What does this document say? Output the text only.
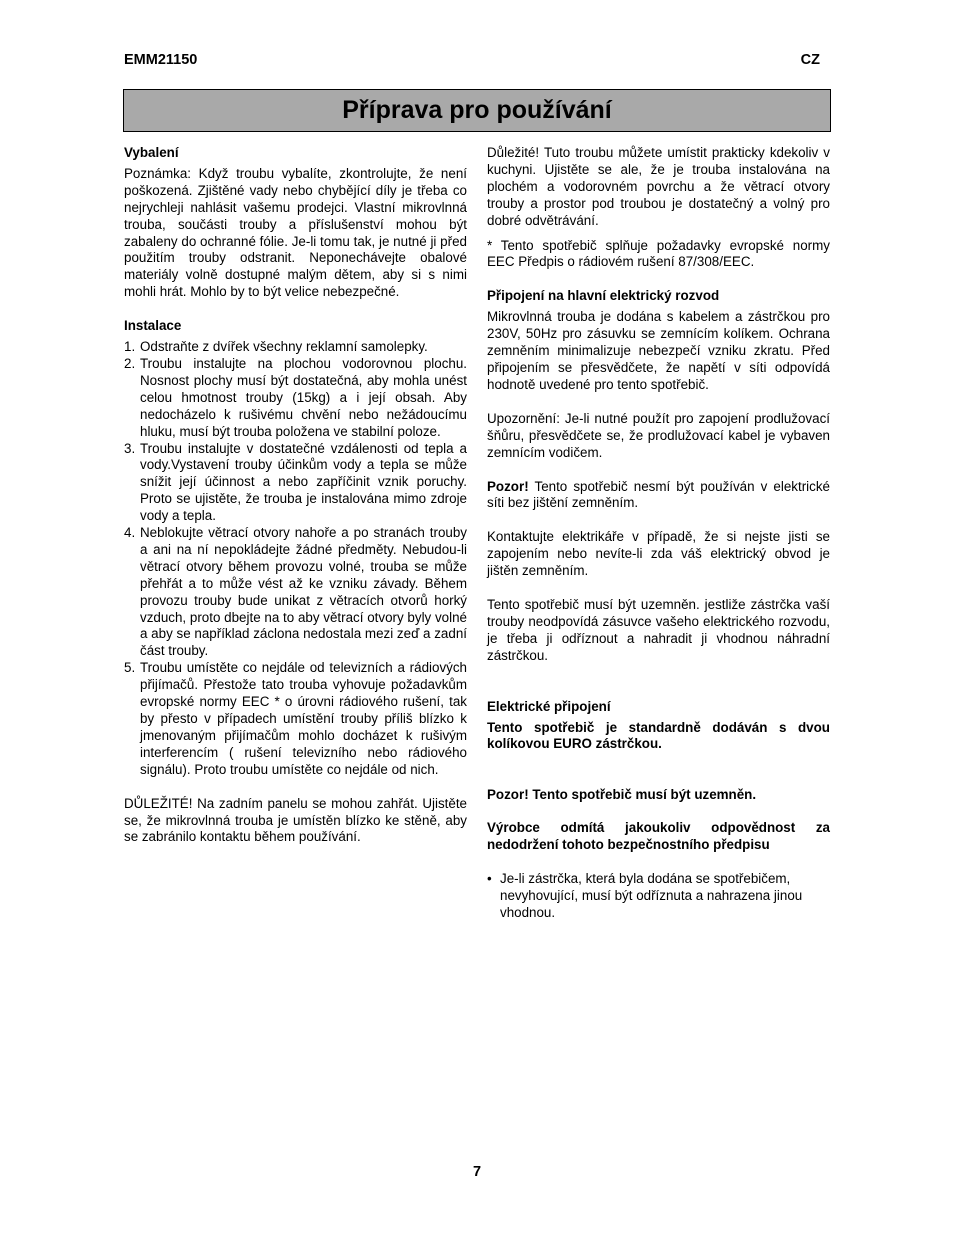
EMM21150	CZ
Příprava pro používání

Vybalení

Poznámka: Když troubu vybalíte, zkontrolujte, že není poškozená. Zjištěné vady nebo chybějící díly je třeba co nejrychleji nahlásit vašemu prodejci. Vlastní mikrovlnná trouba, součásti trouby a příslušenství mohou být zabaleny do ochranné fólie. Je-li tomu tak, je nutné ji před použitím trouby odstranit. Neponechávejte obalové materiály volně dostupné malým dětem, aby si s nimi mohli hrát. Mohlo by to být velice nebezpečné.

Instalace

1. Odstraňte z dvířek všechny reklamní samolepky.
2. Troubu instalujte na plochou vodorovnou plochu. Nosnost plochy musí být dostatečná, aby mohla unést celou hmotnost trouby (15kg) a i její obsah. Aby nedocházelo k rušivému chvění nebo nežádoucímu hluku, musí být trouba položena ve stabilní poloze.
3. Troubu instalujte v dostatečné vzdálenosti od tepla a vody.Vystavení trouby účinkům vody a tepla se může snížit její účinnost a nebo zapříčinit vznik poruchy. Proto se ujistěte, že trouba je instalována mimo zdroje vody a tepla.
4. Neblokujte větrací otvory nahoře a po stranách trouby a ani na ní nepokládejte žádné předměty. Nebudou-li větrací otvory během provozu volné, trouba se může přehřát a to může vést až ke vzniku závady. Během provozu trouby bude unikat z větracích otvorů horký vzduch, proto dbejte na to aby větrací otvory byly volné a aby se například záclona nedostala mezi zeď a zadní část trouby.
5. Troubu umístěte co nejdále od televizních a rádiových přijímačů. Přestože tato trouba vyhovuje požadavkům evropské normy EEC * o úrovni rádiového rušení, tak by přesto v případech umístění trouby příliš blízko k jmenovaným přijímačům mohlo docházet k rušivým interferencím ( rušení televizního nebo rádiového signálu). Proto troubu umístěte co nejdále od nich.

DŮLEŽITÉ! Na zadním panelu se mohou zahřát. Ujistěte se, že mikrovlnná trouba je umístěn blízko ke stěně, aby se zabránilo kontaktu během používání.

Důležité! Tuto troubu můžete umístit prakticky kdekoliv v kuchyni. Ujistěte se ale, že je trouba instalována na plochém a vodorovném povrchu a že větrací otvory trouby a prostor pod troubou je dostatečný a volný pro dobré odvětrávání.

* Tento spotřebič splňuje požadavky evropské normy EEC Předpis o rádiovém rušení 87/308/EEC.

Připojení na hlavní elektrický rozvod

Mikrovlnná trouba je dodána s kabelem a zástrčkou pro 230V, 50Hz pro zásuvku se zemnícím kolíkem. Ochrana zemněním minimalizuje nebezpečí vzniku zkratu. Před připojením se přesvědčete, že napětí v síti odpovídá hodnotě uvedené pro tento spotřebič.

Upozornění: Je-li nutné použít pro zapojení prodlužovací šňůru, přesvědčete se, že prodlužovací kabel je vybaven zemnícím vodičem.

Pozor! Tento spotřebič nesmí být používán v elektrické síti bez jištění zemněním.

Kontaktujte elektrikáře v případě, že si nejste jisti se zapojením nebo nevíte-li zda váš elektrický obvod je jištěn zemněním.

Tento spotřebič musí být uzemněn. jestliže zástrčka vaší trouby neodpovídá zásuvce vašeho elektrického rozvodu, je třeba ji odříznout a nahradit ji vhodnou náhradní zástrčkou.

Elektrické připojení

Tento spotřebič je standardně dodáván s dvou kolíkovou EURO zástrčkou.

Pozor! Tento spotřebič musí být uzemněn.

Výrobce odmítá jakoukoliv odpovědnost za nedodržení tohoto bezpečnostního předpisu

• Je-li zástrčka, která byla dodána se spotřebičem, nevyhovující, musí být odříznuta a nahrazena jinou vhodnou.
7
